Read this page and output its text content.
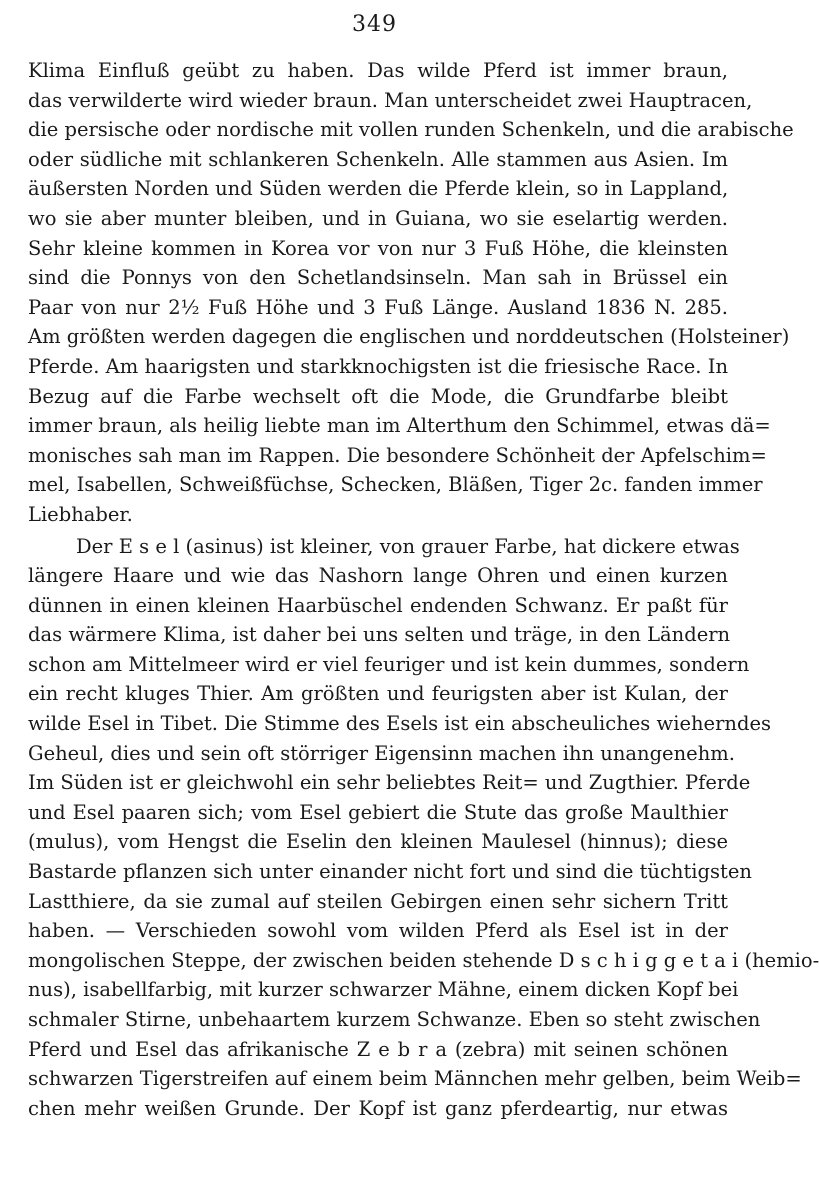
349
Klima Einfluß geübt zu haben. Das wilde Pferd ist immer braun,
das verwilderte wird wieder braun. Man unterscheidet zwei Hauptracen,
die persische oder nordische mit vollen runden Schenkeln, und die arabische
oder südliche mit schlankeren Schenkeln. Alle stammen aus Asien. Im
äußersten Norden und Süden werden die Pferde klein, so in Lappland,
wo sie aber munter bleiben, und in Guiana, wo sie eselartig werden.
Sehr kleine kommen in Korea vor von nur 3 Fuß Höhe, die kleinsten
sind die Ponnys von den Schetlandsinseln. Man sah in Brüssel ein
Paar von nur 2½ Fuß Höhe und 3 Fuß Länge. Ausland 1836 N. 285.
Am größten werden dagegen die englischen und norddeutschen (Holsteiner)
Pferde. Am haarigsten und starkknochigsten ist die friesische Race. In
Bezug auf die Farbe wechselt oft die Mode, die Grundfarbe bleibt
immer braun, als heilig liebte man im Alterthum den Schimmel, etwas dä=
monisches sah man im Rappen. Die besondere Schönheit der Apfelschim=
mel, Isabellen, Schweißfüchse, Schecken, Bläßen, Tiger 2c. fanden immer
Liebhaber.
Der E s e l (asinus) ist kleiner, von grauer Farbe, hat dickere etwas
längere Haare und wie das Nashorn lange Ohren und einen kurzen
dünnen in einen kleinen Haarbüschel endenden Schwanz. Er paßt für
das wärmere Klima, ist daher bei uns selten und träge, in den Ländern
schon am Mittelmeer wird er viel feuriger und ist kein dummes, sondern
ein recht kluges Thier. Am größten und feurigsten aber ist Kulan, der
wilde Esel in Tibet. Die Stimme des Esels ist ein abscheuliches wieherndes
Geheul, dies und sein oft störriger Eigensinn machen ihn unangenehm.
Im Süden ist er gleichwohl ein sehr beliebtes Reit= und Zugthier. Pferde
und Esel paaren sich; vom Esel gebiert die Stute das große Maulthier
(mulus), vom Hengst die Eselin den kleinen Maulesel (hinnus); diese
Bastarde pflanzen sich unter einander nicht fort und sind die tüchtigsten
Lastthiere, da sie zumal auf steilen Gebirgen einen sehr sichern Tritt
haben. — Verschieden sowohl vom wilden Pferd als Esel ist in der
mongolischen Steppe, der zwischen beiden stehende D s c h i g g e t a i (hemio-
nus), isabellfarbig, mit kurzer schwarzer Mähne, einem dicken Kopf bei
schmaler Stirne, unbehaartem kurzem Schwanze. Eben so steht zwischen
Pferd und Esel das afrikanische Z e b r a (zebra) mit seinen schönen
schwarzen Tigerstreifen auf einem beim Männchen mehr gelben, beim Weib=
chen mehr weißen Grunde. Der Kopf ist ganz pferdeartig, nur etwas
